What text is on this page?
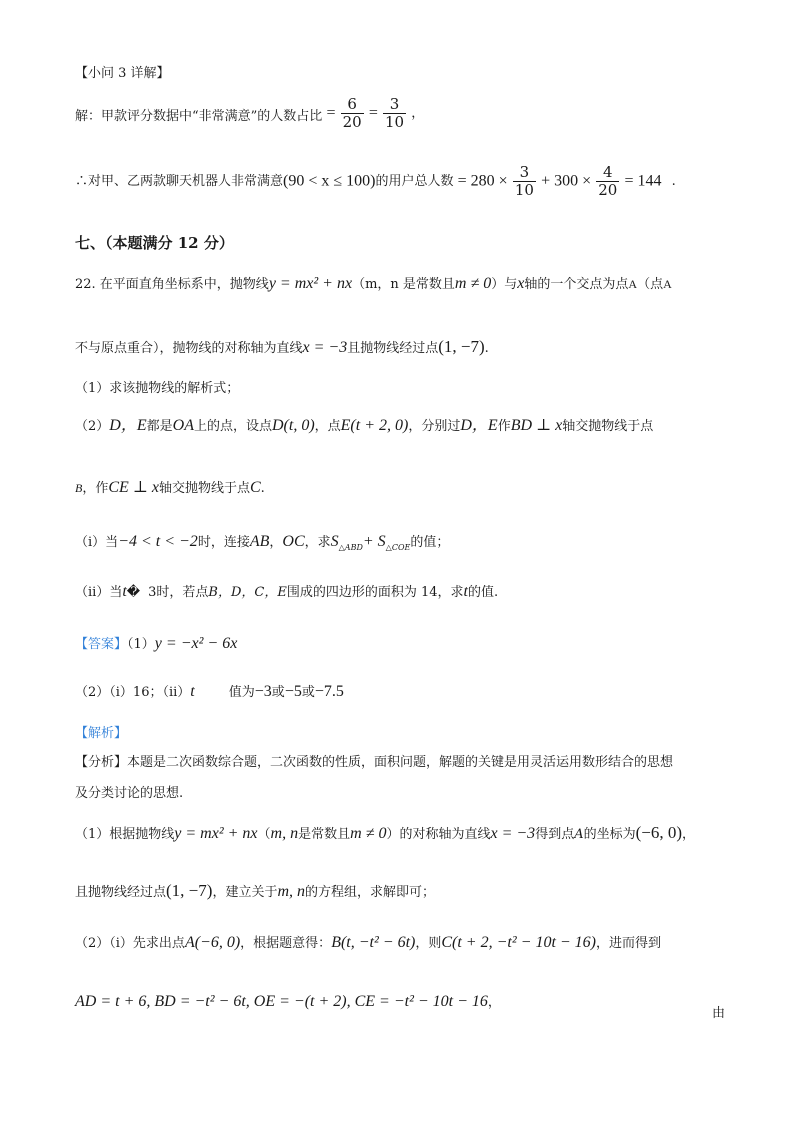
【小问 3 详解】
解：甲款评分数据中“非常满意”的人数占比 = $\frac{6}{20} = \frac{3}{10}$ ，
∴对甲、乙两款聊天机器人非常满意(90 < x ≤ 100)的用户总人数 = $280 \times \frac{3}{10} + 300 \times \frac{4}{20} = 144$ .
七、（本题满分 12 分）
22. 在平面直角坐标系中，抛物线y = mx² + nx（m，n 是常数且m ≠ 0）与x轴的一个交点为点A（点A
不与原点重合），抛物线的对称轴为直线x = −3且抛物线经过点(1, −7).
（1）求该抛物线的解析式；
（2）D，E都是OA上的点，设点D(t, 0)，点E(t + 2, 0)，分别过D，E作BD ⊥ x轴交抛物线于点
B，作CE ⊥ x轴交抛物线于点C.
（i）当−4 < t < −2时，连接AB，OC，求$S_{\triangle ABD}+ S_{\triangle COE}$的值；
（ii）当t� 3时，若点B，D，C，E围成的四边形的面积为 14，求t的值.
【答案】（1）y = −x² − 6x
（2）（i）16；（ii）t	值为−3或−5或−7.5
【解析】
【分析】本题是二次函数综合题，二次函数的性质，面积问题，解题的关键是用灵活运用数形结合的思想
及分类讨论的思想.
（1）根据抛物线y = mx² + nx（m, n是常数且m ≠ 0）的对称轴为直线x = −3得到点A的坐标为(−6, 0)，
且抛物线经过点(1, −7)，建立关于m, n的方程组，求解即可；
（2）（i）先求出点A(−6, 0)，根据题意得：B(t, −t² − 6t)，则C(t + 2, −t² − 10t − 16)，进而得到
AD = t + 6, BD = −t² − 6t, OE = −(t + 2), CE = −t² − 10t − 16，
由
